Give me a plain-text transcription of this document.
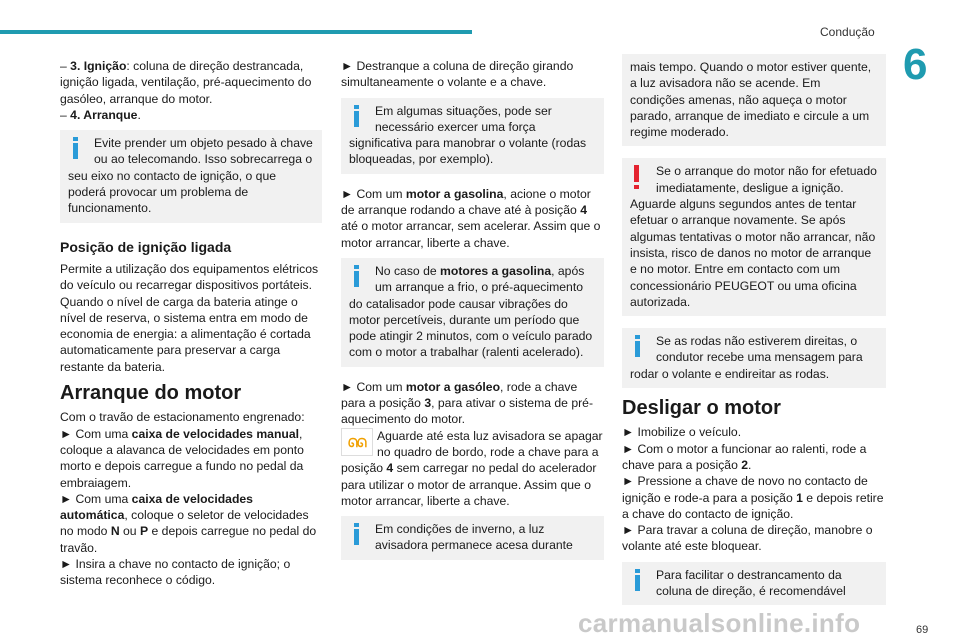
Condução
6

– 3. Ignição: coluna de direção destrancada, ignição ligada, ventilação, pré-aquecimento do gasóleo, arranque do motor.

– 4. Arranque.

Evite prender um objeto pesado à chave ou ao telecomando. Isso sobrecarrega o seu eixo no contacto de ignição, o que poderá provocar um problema de funcionamento.
Posição de ignição ligada

Permite a utilização dos equipamentos elétricos do veículo ou recarregar dispositivos portáteis. Quando o nível de carga da bateria atinge o nível de reserva, o sistema entra em modo de economia de energia: a alimentação é cortada automaticamente para preservar a carga restante da bateria.

Arranque do motor

Com o travão de estacionamento engrenado:

► Com uma caixa de velocidades manual, coloque a alavanca de velocidades em ponto morto e depois carregue a fundo no pedal da embraiagem.

► Com uma caixa de velocidades automática, coloque o seletor de velocidades no modo N ou P e depois carregue no pedal do travão.

► Insira a chave no contacto de ignição; o sistema reconhece o código.

► Destranque a coluna de direção girando simultaneamente o volante e a chave.

Em algumas situações, pode ser necessário exercer uma força significativa para manobrar o volante (rodas bloqueadas, por exemplo).

► Com um motor a gasolina, acione o motor de arranque rodando a chave até à posição 4 até o motor arrancar, sem acelerar. Assim que o motor arrancar, liberte a chave.

No caso de motores a gasolina, após um arranque a frio, o pré-aquecimento do catalisador pode causar vibrações do motor percetíveis, durante um período que pode atingir 2 minutos, com o veículo parado com o motor a trabalhar (ralenti acelerado).

► Com um motor a gasóleo, rode a chave para a posição 3, para ativar o sistema de pré-aquecimento do motor.

ᘏᘏ Aguarde até esta luz avisadora se apagar no quadro de bordo, rode a chave para a posição 4 sem carregar no pedal do acelerador para utilizar o motor de arranque. Assim que o motor arrancar, liberte a chave.

Em condições de inverno, a luz avisadora permanece acesa durante
mais tempo. Quando o motor estiver quente, a luz avisadora não se acende. Em condições amenas, não aqueça o motor parado, arranque de imediato e circule a um regime moderado.
Se o arranque do motor não for efetuado imediatamente, desligue a ignição. Aguarde alguns segundos antes de tentar efetuar o arranque novamente. Se após algumas tentativas o motor não arrancar, não insista, risco de danos no motor de arranque e no motor. Entre em contacto com um concessionário PEUGEOT ou uma oficina autorizada.
Se as rodas não estiverem direitas, o condutor recebe uma mensagem para rodar o volante e endireitar as rodas.
Desligar o motor

► Imobilize o veículo.

► Com o motor a funcionar ao ralenti, rode a chave para a posição 2.

► Pressione a chave de novo no contacto de ignição e rode-a para a posição 1 e depois retire a chave do contacto de ignição.

► Para travar a coluna de direção, manobre o volante até este bloquear.

Para facilitar o destrancamento da coluna de direção, é recomendável
carmanualsonline.info	69
